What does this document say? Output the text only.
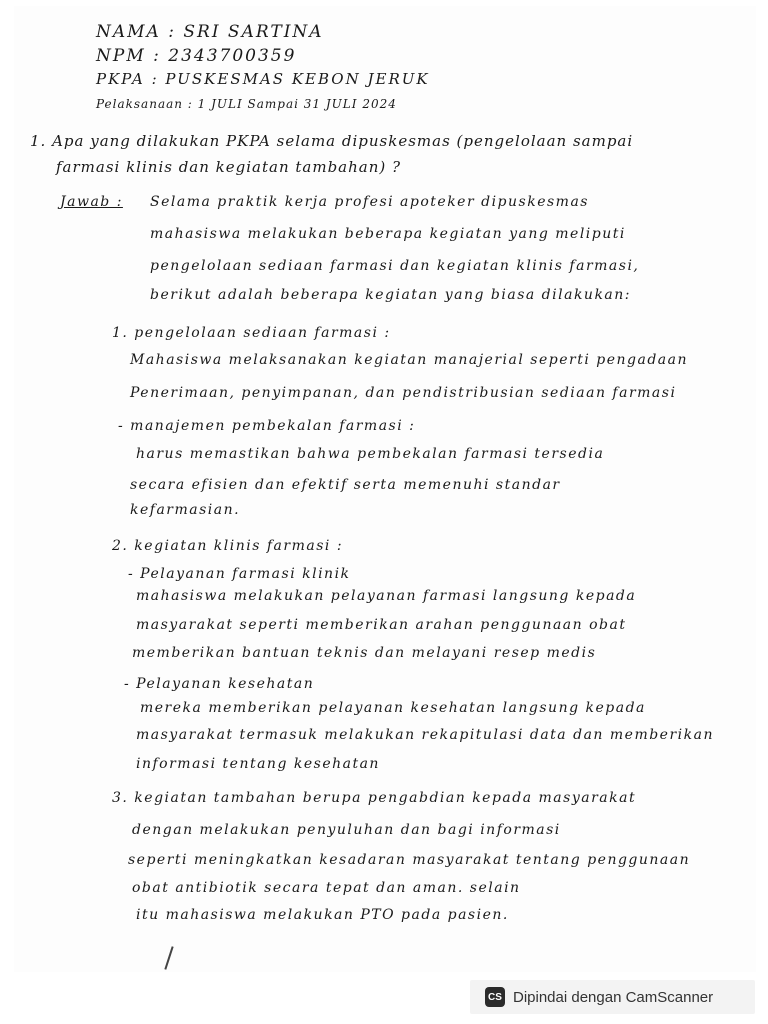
NAMA : SRI SARTINA
NPM : 2343700359
PKPA : PUSKESMAS KEBON JERUK
Pelaksanaan : 1 JULI Sampai 31 JULI 2024
1. Apa yang dilakukan PKPA selama dipuskesmas (pengelolaan sampai
farmasi klinis dan kegiatan tambahan) ?
Jawab : Selama praktik kerja profesi apoteker dipuskesmas
mahasiswa melakukan beberapa kegiatan yang meliputi
pengelolaan sediaan farmasi dan kegiatan klinis farmasi,
berikut adalah beberapa kegiatan yang biasa dilakukan:
1. pengelolaan sediaan farmasi :
Mahasiswa melaksanakan kegiatan manajerial seperti pengadaan
Penerimaan, penyimpanan, dan pendistribusian sediaan farmasi
- manajemen pembekalan farmasi :
harus memastikan bahwa pembekalan farmasi tersedia
secara efisien dan efektif serta memenuhi standar
kefarmasian.
2. kegiatan klinis farmasi :
- Pelayanan farmasi klinik
mahasiswa melakukan pelayanan farmasi langsung kepada
masyarakat seperti memberikan arahan penggunaan obat
memberikan bantuan teknis dan melayani resep medis
- Pelayanan kesehatan
mereka memberikan pelayanan kesehatan langsung kepada
masyarakat termasuk melakukan rekapitulasi data dan memberikan
informasi tentang kesehatan
3. kegiatan tambahan berupa pengabdian kepada masyarakat
dengan melakukan penyuluhan dan bagi informasi
seperti meningkatkan kesadaran masyarakat tentang penggunaan
obat antibiotik secara tepat dan aman. selain
itu mahasiswa melakukan PTO pada pasien.
CS Dipindai dengan CamScanner
